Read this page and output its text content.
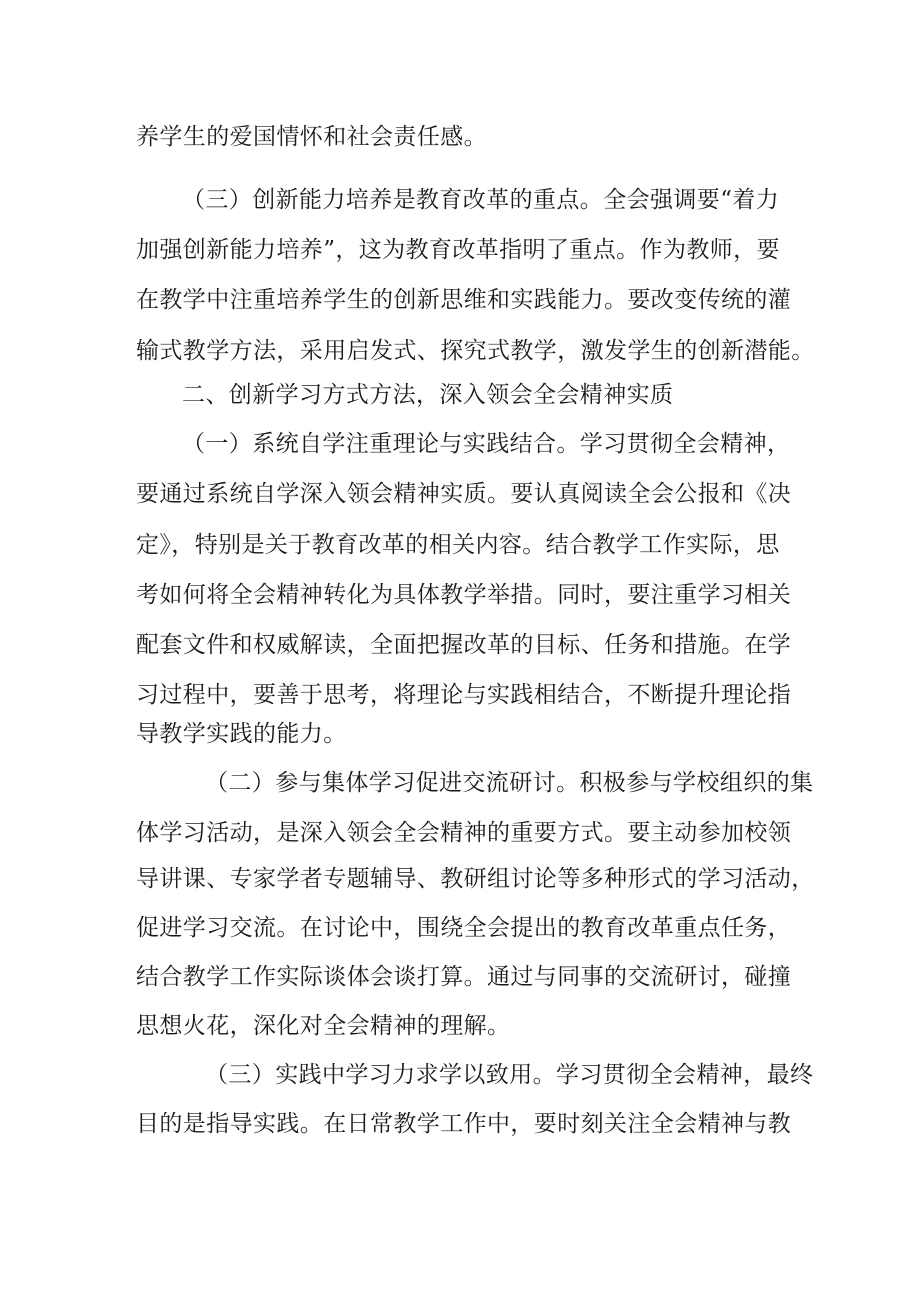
养学生的爱国情怀和社会责任感。
（三）创新能力培养是教育改革的重点。全会强调要“着力
加强创新能力培养”，这为教育改革指明了重点。作为教师，要
在教学中注重培养学生的创新思维和实践能力。要改变传统的灌
输式教学方法，采用启发式、探究式教学，激发学生的创新潜能。
二、创新学习方式方法，深入领会全会精神实质
（一）系统自学注重理论与实践结合。学习贯彻全会精神，
要通过系统自学深入领会精神实质。要认真阅读全会公报和《决
定》，特别是关于教育改革的相关内容。结合教学工作实际，思
考如何将全会精神转化为具体教学举措。同时，要注重学习相关
配套文件和权威解读，全面把握改革的目标、任务和措施。在学
习过程中，要善于思考，将理论与实践相结合，不断提升理论指
导教学实践的能力。
（二）参与集体学习促进交流研讨。积极参与学校组织的集
体学习活动，是深入领会全会精神的重要方式。要主动参加校领
导讲课、专家学者专题辅导、教研组讨论等多种形式的学习活动，
促进学习交流。在讨论中，围绕全会提出的教育改革重点任务，
结合教学工作实际谈体会谈打算。通过与同事的交流研讨，碰撞
思想火花，深化对全会精神的理解。
（三）实践中学习力求学以致用。学习贯彻全会精神，最终
目的是指导实践。在日常教学工作中，要时刻关注全会精神与教
